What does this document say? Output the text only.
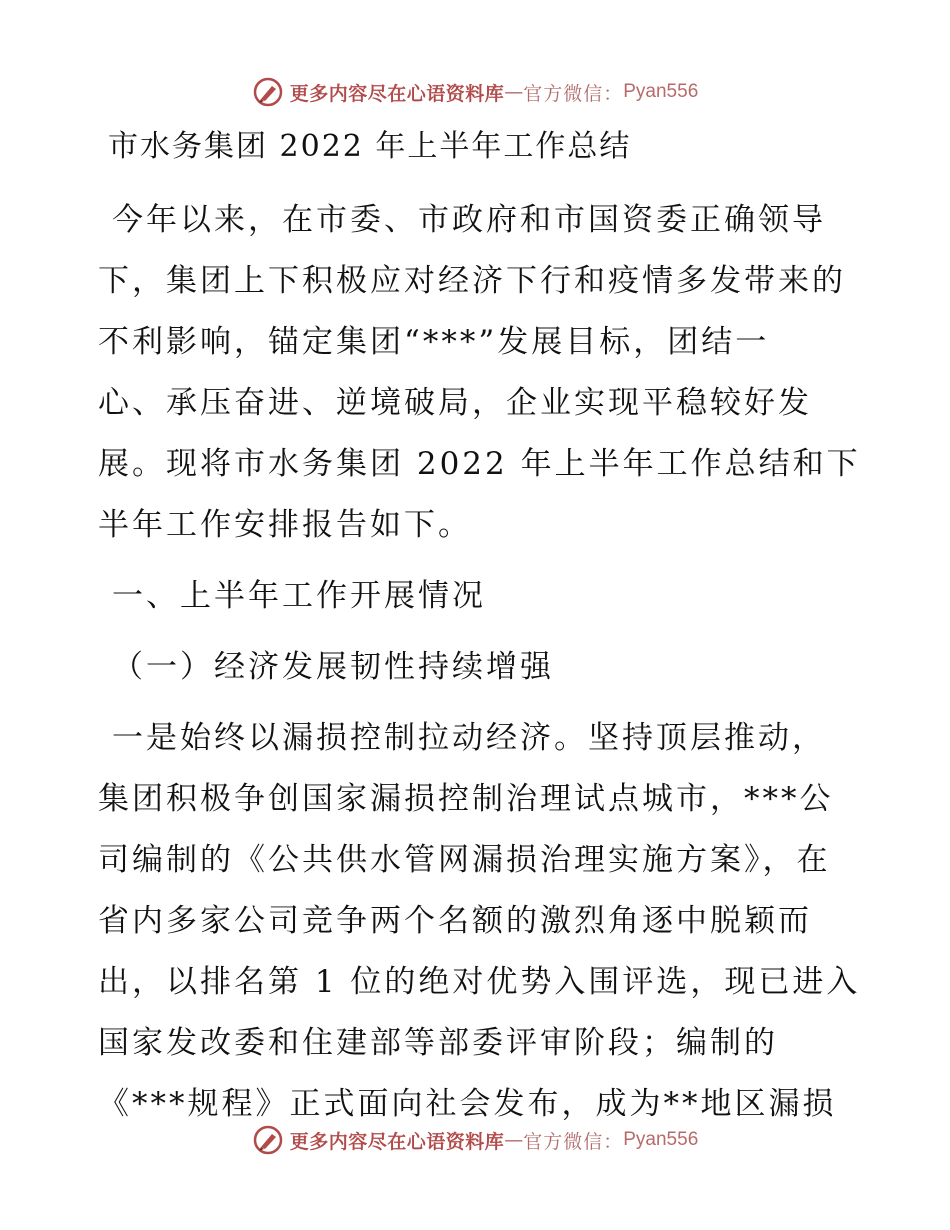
更多内容尽在心语资料库 — 官方微信： Pyan556
市水务集团 2022 年上半年工作总结
今年以来，在市委、市政府和市国资委正确领导
下，集团上下积极应对经济下行和疫情多发带来的
不利影响，锚定集团“***”发展目标，团结一
心、承压奋进、逆境破局，企业实现平稳较好发
展。现将市水务集团 2022 年上半年工作总结和下
半年工作安排报告如下。
一、上半年工作开展情况
（一）经济发展韧性持续增强
一是始终以漏损控制拉动经济。坚持顶层推动，
集团积极争创国家漏损控制治理试点城市，***公
司编制的《公共供水管网漏损治理实施方案》，在
省内多家公司竞争两个名额的激烈角逐中脱颖而
出，以排名第 1 位的绝对优势入围评选，现已进入
国家发改委和住建部等部委评审阶段；编制的
《***规程》正式面向社会发布，成为**地区漏损
更多内容尽在心语资料库 — 官方微信： Pyan556
